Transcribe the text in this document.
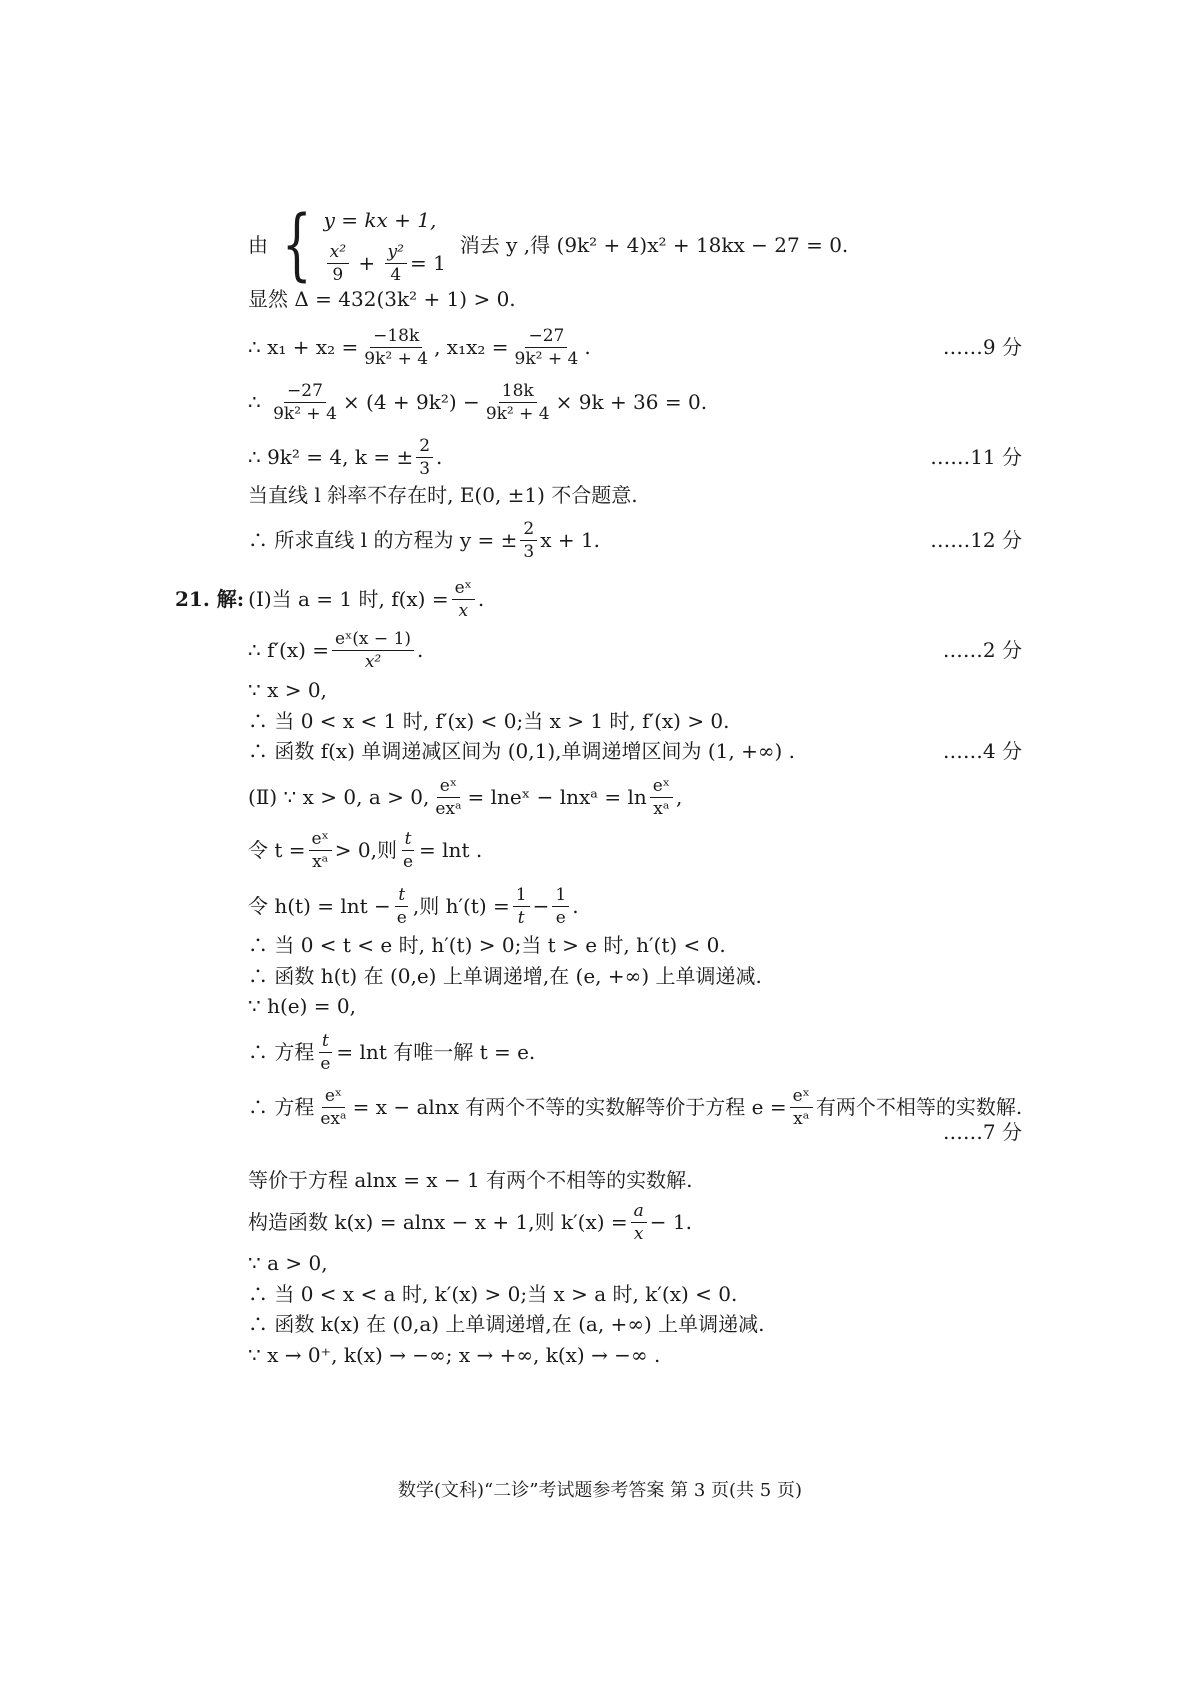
由 { y = kx + 1,
$\frac{\text{x²}}{9} + \frac{\text{y²}}{4} = 1$
消去 y ,得 (9k² + 4)x² + 18kx − 27 = 0.
显然 Δ = 432(3k² + 1) > 0.
∴ $x_1 + x_2 = \frac{-18k}{\text{9k² + 4}}$ , $x_1x_2 = \frac{-27}{\text{9k² + 4}}$ .	……9 分
∴
$\frac{-27}{\text{9k² + 4}} \times (4 + 9k^2) - \frac{18k}{\text{9k² + 4}} \times 9k + 36 = 0$.
∴ 9k² = 4, k = ± $\frac{2}{3}$ .	……11 分
当直线 l 斜率不存在时, E(0, ±1) 不合题意.
∴ 所求直线 l 的方程为 y = ± $\frac{2}{3}$ x + 1.	……12 分
21. 解: (Ⅰ)当 a = 1 时, $f(x) = \frac{\text{eˣ}}{x}$ .
∴ $f'(x) = \frac{\text{eˣ(x − 1)}}{\text{x²}}$ .	……2 分
∵ x > 0,
∴ 当 0 < x < 1 时, f′(x) < 0;当 x > 1 时, f′(x) > 0.
∴ 函数 f(x) 单调递减区间为 (0,1),单调递增区间为 (1, +∞) .	……4 分
(Ⅱ) ∵ x > 0, a > 0, $\frac{\text{eˣ}}{\text{exᵃ}}$ = lneˣ − lnxᵃ = $\ln \frac{\text{eˣ}}{\text{xᵃ}}$ ,
令 $t = \frac{\text{eˣ}}{\text{xᵃ}} > 0$,则 $\frac{t}{e} = \ln t$ .
令 $h(t) = \ln t - \frac{t}{e}$ ,则 $h'(t) = \frac{1}{t} - \frac{1}{e}$ .
∴ 当 0 < t < e 时, h′(t) > 0;当 t > e 时, h′(t) < 0.
∴ 函数 h(t) 在 (0,e) 上单调递增,在 (e, +∞) 上单调递减.
∵ h(e) = 0,
∴ 方程 $\frac{t}{e} = \ln t$ 有唯一解 t = e.
∴ 方程 $\frac{\text{eˣ}}{\text{exᵃ}} = x - alnx$ 有两个不等的实数解等价于方程 $e = \frac{\text{eˣ}}{\text{xᵃ}}$ 有两个不相等的实数解.
……7 分
等价于方程 alnx = x − 1 有两个不相等的实数解.
构造函数 k(x) = alnx − x + 1,则 $k'(x) = \frac{a}{x} - 1$.
∵ a > 0,
∴ 当 0 < x < a 时, k′(x) > 0;当 x > a 时, k′(x) < 0.
∴ 函数 k(x) 在 (0,a) 上单调递增,在 (a, +∞) 上单调递减.
∵ x → 0⁺, k(x) → −∞; x → +∞, k(x) → −∞ .
数学(文科)“二诊”考试题参考答案 第 3 页(共 5 页)
